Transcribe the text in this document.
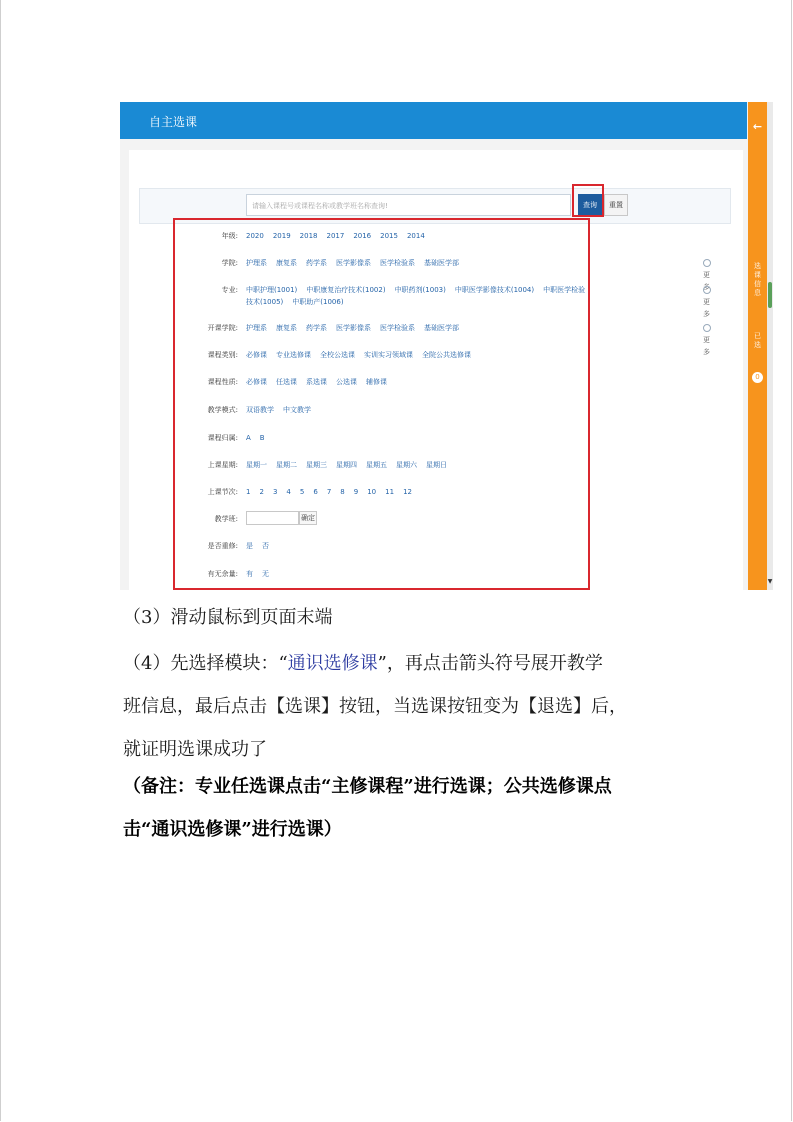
自主选课
请输入课程号或课程名称或教学班名称查询!	查询	重置
年级: 2020 2019 2018 2017 2016 2015 2014
学院: 护理系 康复系 药学系 医学影像系 医学检验系 基础医学部
更多
专业: 中职护理(1001) 中职康复治疗技术(1002) 中职药剂(1003) 中职医学影像技术(1004) 中职医学检验技术(1005) 中职助产(1006)	更多
开课学院: 护理系 康复系 药学系 医学影像系 医学检验系 基础医学部
更多
课程类别: 必修课 专业选修课 全校公选课 实训实习领域课 全院公共选修课
课程性质: 必修课 任选课 系选课 公选课 辅修课
教学模式: 双语教学 中文教学
课程归属: A B
上课星期: 星期一 星期二 星期三 星期四 星期五 星期六 星期日
上课节次: 1 2 3 4 5 6 7 8 9 10 11 12
教学班:	确定
是否重修: 是 否
有无余量: 有 无
←
选课信息
已选
0
▼
（3）滑动鼠标到页面末端
（4）先选择模块：“通识选修课”，再点击箭头符号展开教学
班信息，最后点击【选课】按钮，当选课按钮变为【退选】后，
就证明选课成功了
（备注：专业任选课点击“主修课程”进行选课；公共选修课点
击“通识选修课”进行选课）
